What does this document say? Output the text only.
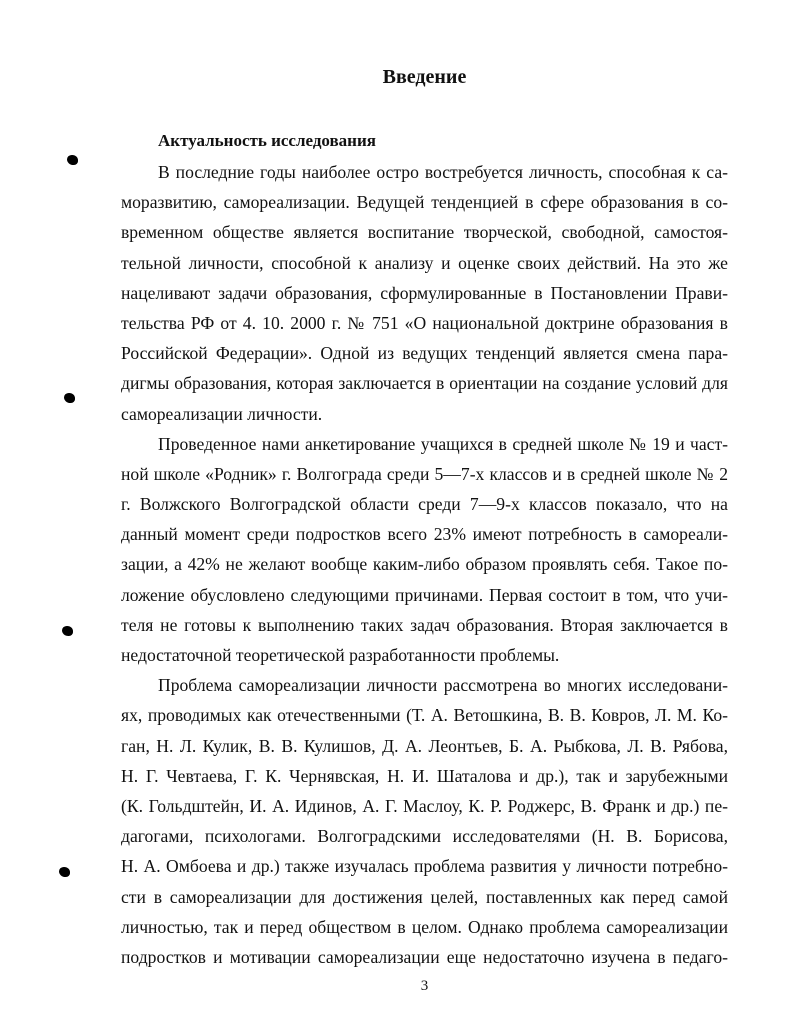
Введение
Актуальность исследования
В последние годы наиболее остро востребуется личность, способная к са-
моразвитию, самореализации. Ведущей тенденцией в сфере образования в со-
временном обществе является воспитание творческой, свободной, самостоя-
тельной личности, способной к анализу и оценке своих действий. На это же
нацеливают задачи образования, сформулированные в Постановлении Прави-
тельства РФ от 4. 10. 2000 г. № 751 «О национальной доктрине образования в
Российской Федерации». Одной из ведущих тенденций является смена пара-
дигмы образования, которая заключается в ориентации на создание условий для
самореализации личности.
Проведенное нами анкетирование учащихся в средней школе № 19 и част-
ной школе «Родник» г. Волгограда среди 5—7-х классов и в средней школе № 2
г. Волжского Волгоградской области среди 7—9-х классов показало, что на
данный момент среди подростков всего 23% имеют потребность в самореали-
зации, а 42% не желают вообще каким-либо образом проявлять себя. Такое по-
ложение обусловлено следующими причинами. Первая состоит в том, что учи-
теля не готовы к выполнению таких задач образования. Вторая заключается в
недостаточной теоретической разработанности проблемы.
Проблема самореализации личности рассмотрена во многих исследовани-
ях, проводимых как отечественными (Т. А. Ветошкина, В. В. Ковров, Л. М. Ко-
ган, Н. Л. Кулик, В. В. Кулишов, Д. А. Леонтьев, Б. А. Рыбкова, Л. В. Рябова,
Н. Г. Чевтаева, Г. К. Чернявская, Н. И. Шаталова и др.), так и зарубежными
(К. Гольдштейн, И. А. Идинов, А. Г. Маслоу, К. Р. Роджерс, В. Франк и др.) пе-
дагогами, психологами. Волгоградскими исследователями (Н. В. Борисова,
Н. А. Омбоева и др.) также изучалась проблема развития у личности потребно-
сти в самореализации для достижения целей, поставленных как перед самой
личностью, так и перед обществом в целом. Однако проблема самореализации
подростков и мотивации самореализации еще недостаточно изучена в педаго-
3
